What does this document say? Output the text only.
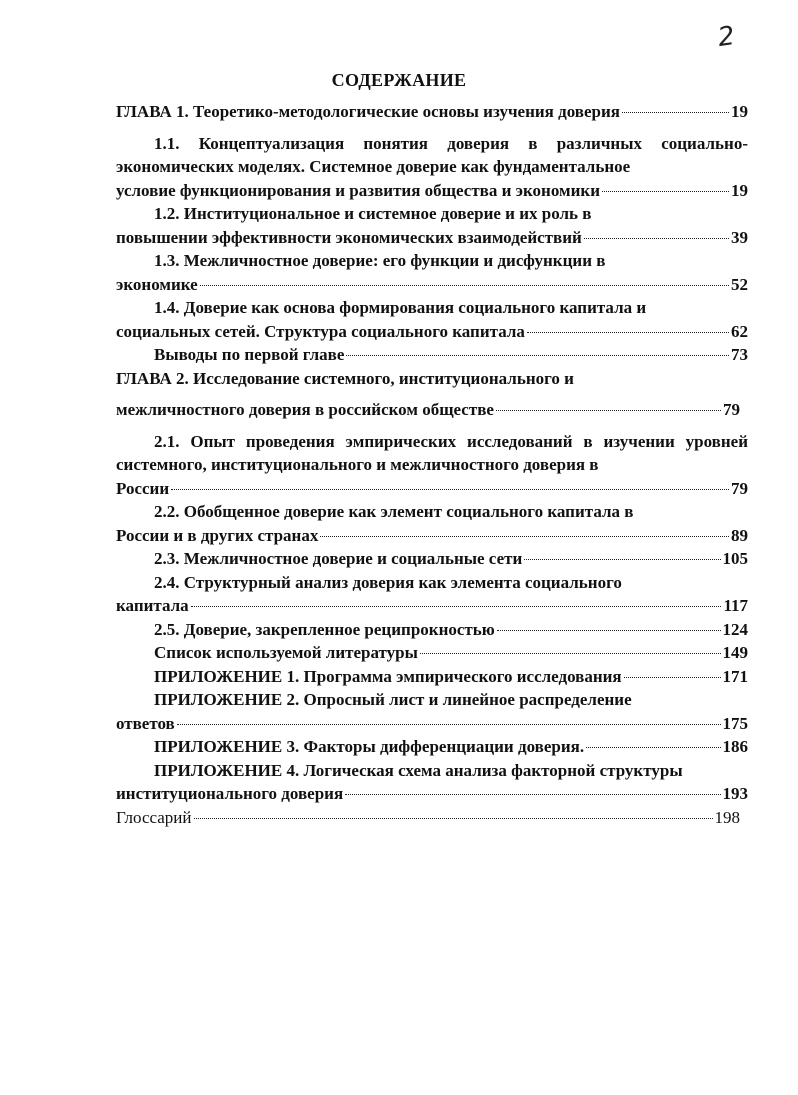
2
СОДЕРЖАНИЕ
ГЛАВА 1. Теоретико-методологические основы изучения доверия	19
1.1. Концептуализация понятия доверия в различных социально-экономических моделях. Системное доверие как фундаментальное
условие функционирования и развития общества и экономики	19
1.2. Институциональное и системное доверие и их роль в
повышении эффективности экономических взаимодействий	39
1.3. Межличностное доверие: его функции и дисфункции в
экономике	52
1.4. Доверие как основа формирования социального капитала и
социальных сетей. Структура социального капитала	62
Выводы по первой главе	73
ГЛАВА 2. Исследование системного, институционального и
межличностного доверия в российском обществе	79
2.1. Опыт проведения эмпирических исследований в изучении уровней системного, институционального и межличностного доверия в
России	79
2.2. Обобщенное доверие как элемент социального капитала в
России и в других странах	89
2.3. Межличностное доверие и социальные сети	105
2.4. Структурный анализ доверия как элемента социального
капитала	117
2.5. Доверие, закрепленное реципрокностью	124
Список используемой литературы	149
ПРИЛОЖЕНИЕ 1. Программа эмпирического исследования	171
ПРИЛОЖЕНИЕ 2. Опросный лист и линейное распределение
ответов	175
ПРИЛОЖЕНИЕ 3. Факторы дифференциации доверия.	186
ПРИЛОЖЕНИЕ 4. Логическая схема анализа факторной структуры
институционального доверия	193
Глоссарий	198
